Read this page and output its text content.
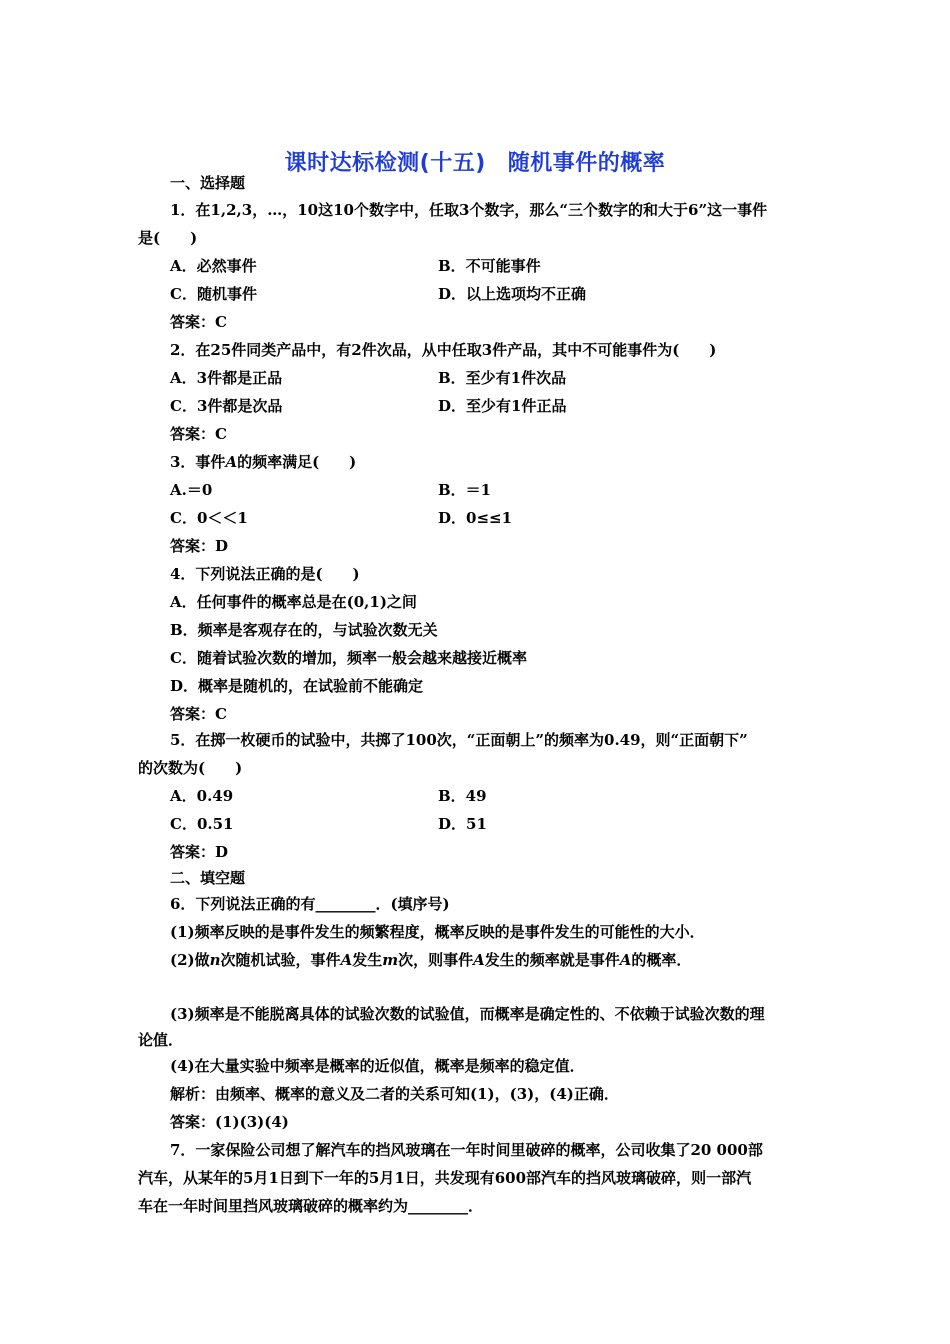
课时达标检测(十五) 随机事件的概率
一、选择题
1．在1,2,3，…，10这10个数字中，任取3个数字，那么“三个数字的和大于6”这一事件
是(　　)
A．必然事件	B．不可能事件
C．随机事件	D．以上选项均不正确
答案：C
2．在25件同类产品中，有2件次品，从中任取3件产品，其中不可能事件为(　　)
A．3件都是正品	B．至少有1件次品
C．3件都是次品	D．至少有1件正品
答案：C
3．事件A的频率满足(　　)
A.＝0	B．＝1
C．0＜＜1	D．0≤≤1
答案：D
4．下列说法正确的是(　　)
A．任何事件的概率总是在(0,1)之间
B．频率是客观存在的，与试验次数无关
C．随着试验次数的增加，频率一般会越来越接近概率
D．概率是随机的，在试验前不能确定
答案：C
5．在掷一枚硬币的试验中，共掷了100次，“正面朝上”的频率为0.49，则“正面朝下”
的次数为(　　)
A．0.49	B．49
C．0.51	D．51
答案：D
二、填空题
6．下列说法正确的有________．(填序号)
(1)频率反映的是事件发生的频繁程度，概率反映的是事件发生的可能性的大小．
(2)做n次随机试验，事件A发生m次，则事件A发生的频率就是事件A的概率．
(3)频率是不能脱离具体的试验次数的试验值，而概率是确定性的、不依赖于试验次数的理
论值．
(4)在大量实验中频率是概率的近似值，概率是频率的稳定值．
解析：由频率、概率的意义及二者的关系可知(1)，(3)，(4)正确．
答案：(1)(3)(4)
7．一家保险公司想了解汽车的挡风玻璃在一年时间里破碎的概率，公司收集了20 000部
汽车，从某年的5月1日到下一年的5月1日，共发现有600部汽车的挡风玻璃破碎，则一部汽
车在一年时间里挡风玻璃破碎的概率约为________．
